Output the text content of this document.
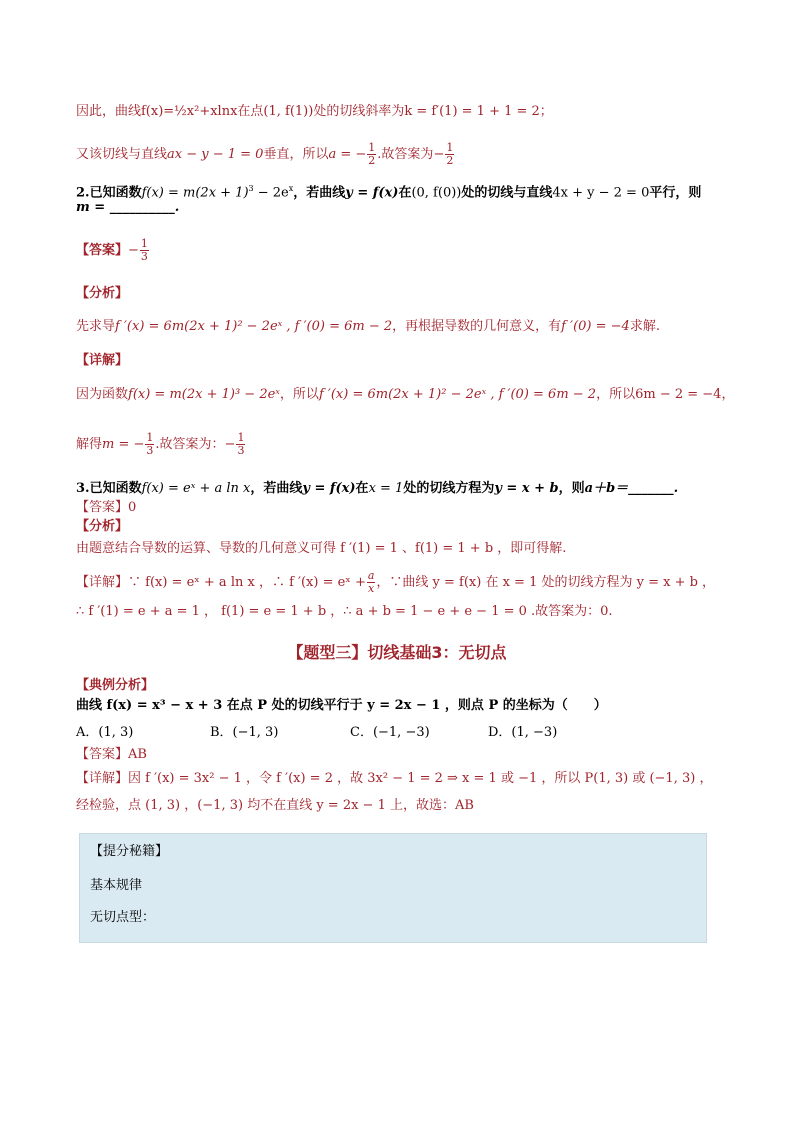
因此，曲线f(x)=½x²+xlnx在点(1, f(1))处的切线斜率为k = f′(1) = 1 + 1 = 2；
又该切线与直线ax − y − 1 = 0垂直，所以a = − $\frac{1}{2}$ .故答案为− $\frac{1}{2}$
2.已知函数$f(x) = m(2x + 1)^3 - 2e^x$，若曲线y = f(x)在(0, f(0))处的切线与直线4x + y − 2 = 0平行，则
m = __________.
【答案】− $\frac{1}{3}$
【分析】
先求导f ′(x) = 6m(2x + 1)² − 2eˣ , f ′(0) = 6m − 2，再根据导数的几何意义，有f ′(0) = −4求解.
【详解】
因为函数f(x) = m(2x + 1)³ − 2eˣ，所以f ′(x) = 6m(2x + 1)² − 2eˣ , f ′(0) = 6m − 2，所以6m − 2 = −4，
解得m = − $\frac{1}{3}$ .故答案为：− $\frac{1}{3}$
3.已知函数f(x) = eˣ + a ln x，若曲线y = f(x)在x = 1处的切线方程为y = x + b，则a＋b＝_______.
【答案】0
【分析】
由题意结合导数的运算、导数的几何意义可得 f ′(1) = 1 、f(1) = 1 + b ，即可得解.
【详解】∵ f(x) = eˣ + a ln x ，∴ f ′(x) = eˣ + $\frac{a}{x}$ ，∵曲线 y = f(x) 在 x = 1 处的切线方程为 y = x + b ，
∴ f ′(1) = e + a = 1 ， f(1) = e = 1 + b ，∴ a + b = 1 − e + e − 1 = 0 .故答案为：0.
【题型三】切线基础3：无切点
【典例分析】
曲线 f(x) = x³ − x + 3 在点 P 处的切线平行于 y = 2x − 1 ，则点 P 的坐标为（　　）
A．(1, 3)	B．(−1, 3)	C．(−1, −3)	D．(1, −3)
【答案】AB
【详解】因 f ′(x) = 3x² − 1 ，令 f ′(x) = 2 ，故 3x² − 1 = 2 ⇒ x = 1 或 −1 ，所以 P(1, 3) 或 (−1, 3) ，
经检验，点 (1, 3) ，(−1, 3) 均不在直线 y = 2x − 1 上，故选：AB
【提分秘籍】
基本规律
无切点型：
